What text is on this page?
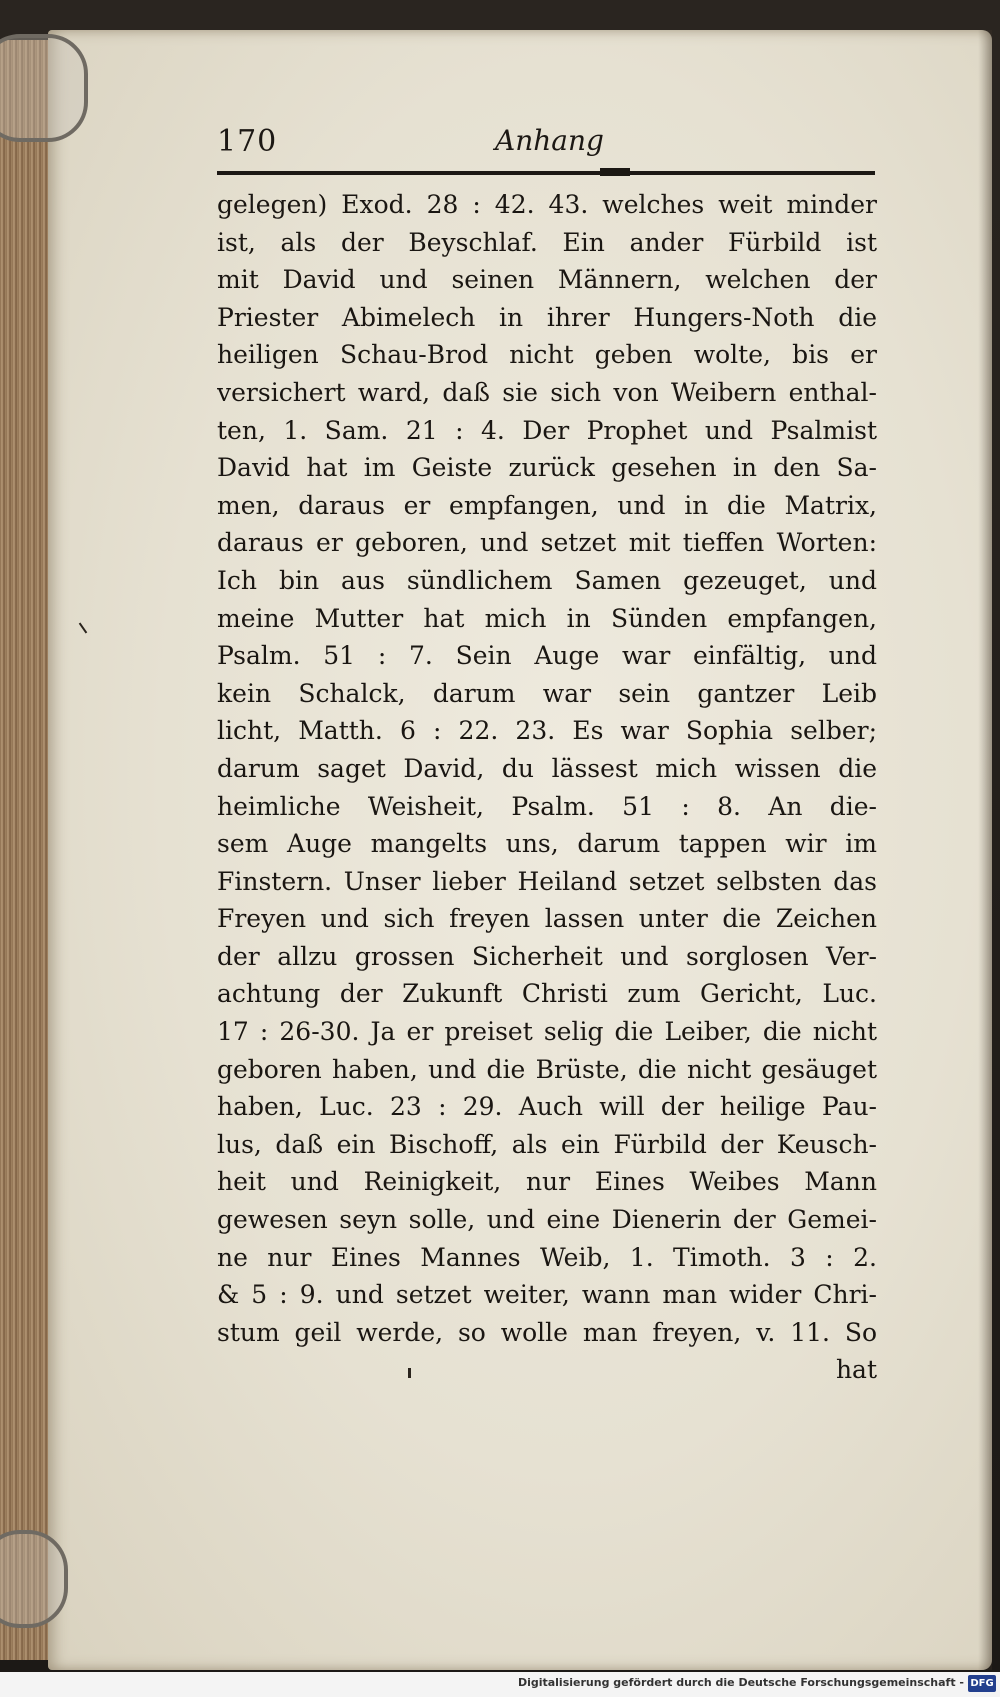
170	Anhang
gelegen) Exod. 28 : 42. 43. welches weit minder
ist, als der Beyschlaf. Ein ander Fürbild ist
mit David und seinen Männern, welchen der
Priester Abimelech in ihrer Hungers-Noth die
heiligen Schau-Brod nicht geben wolte, bis er
versichert ward, daß sie sich von Weibern enthal-
ten, 1. Sam. 21 : 4. Der Prophet und Psalmist
David hat im Geiste zurück gesehen in den Sa-
men, daraus er empfangen, und in die Matrix,
daraus er geboren, und setzet mit tieffen Worten:
Ich bin aus sündlichem Samen gezeuget, und
meine Mutter hat mich in Sünden empfangen,
Psalm. 51 : 7. Sein Auge war einfältig, und
kein Schalck, darum war sein gantzer Leib
licht, Matth. 6 : 22. 23. Es war Sophia selber;
darum saget David, du lässest mich wissen die
heimliche Weisheit, Psalm. 51 : 8. An die-
sem Auge mangelts uns, darum tappen wir im
Finstern. Unser lieber Heiland setzet selbsten das
Freyen und sich freyen lassen unter die Zeichen
der allzu grossen Sicherheit und sorglosen Ver-
achtung der Zukunft Christi zum Gericht, Luc.
17 : 26-30. Ja er preiset selig die Leiber, die nicht
geboren haben, und die Brüste, die nicht gesäuget
haben, Luc. 23 : 29. Auch will der heilige Pau-
lus, daß ein Bischoff, als ein Fürbild der Keusch-
heit und Reinigkeit, nur Eines Weibes Mann
gewesen seyn solle, und eine Dienerin der Gemei-
ne nur Eines Mannes Weib, 1. Timoth. 3 : 2.
& 5 : 9. und setzet weiter, wann man wider Chri-
stum geil werde, so wolle man freyen, v. 11. So
hat
Digitalisierung gefördert durch die Deutsche Forschungsgemeinschaft - DFG
